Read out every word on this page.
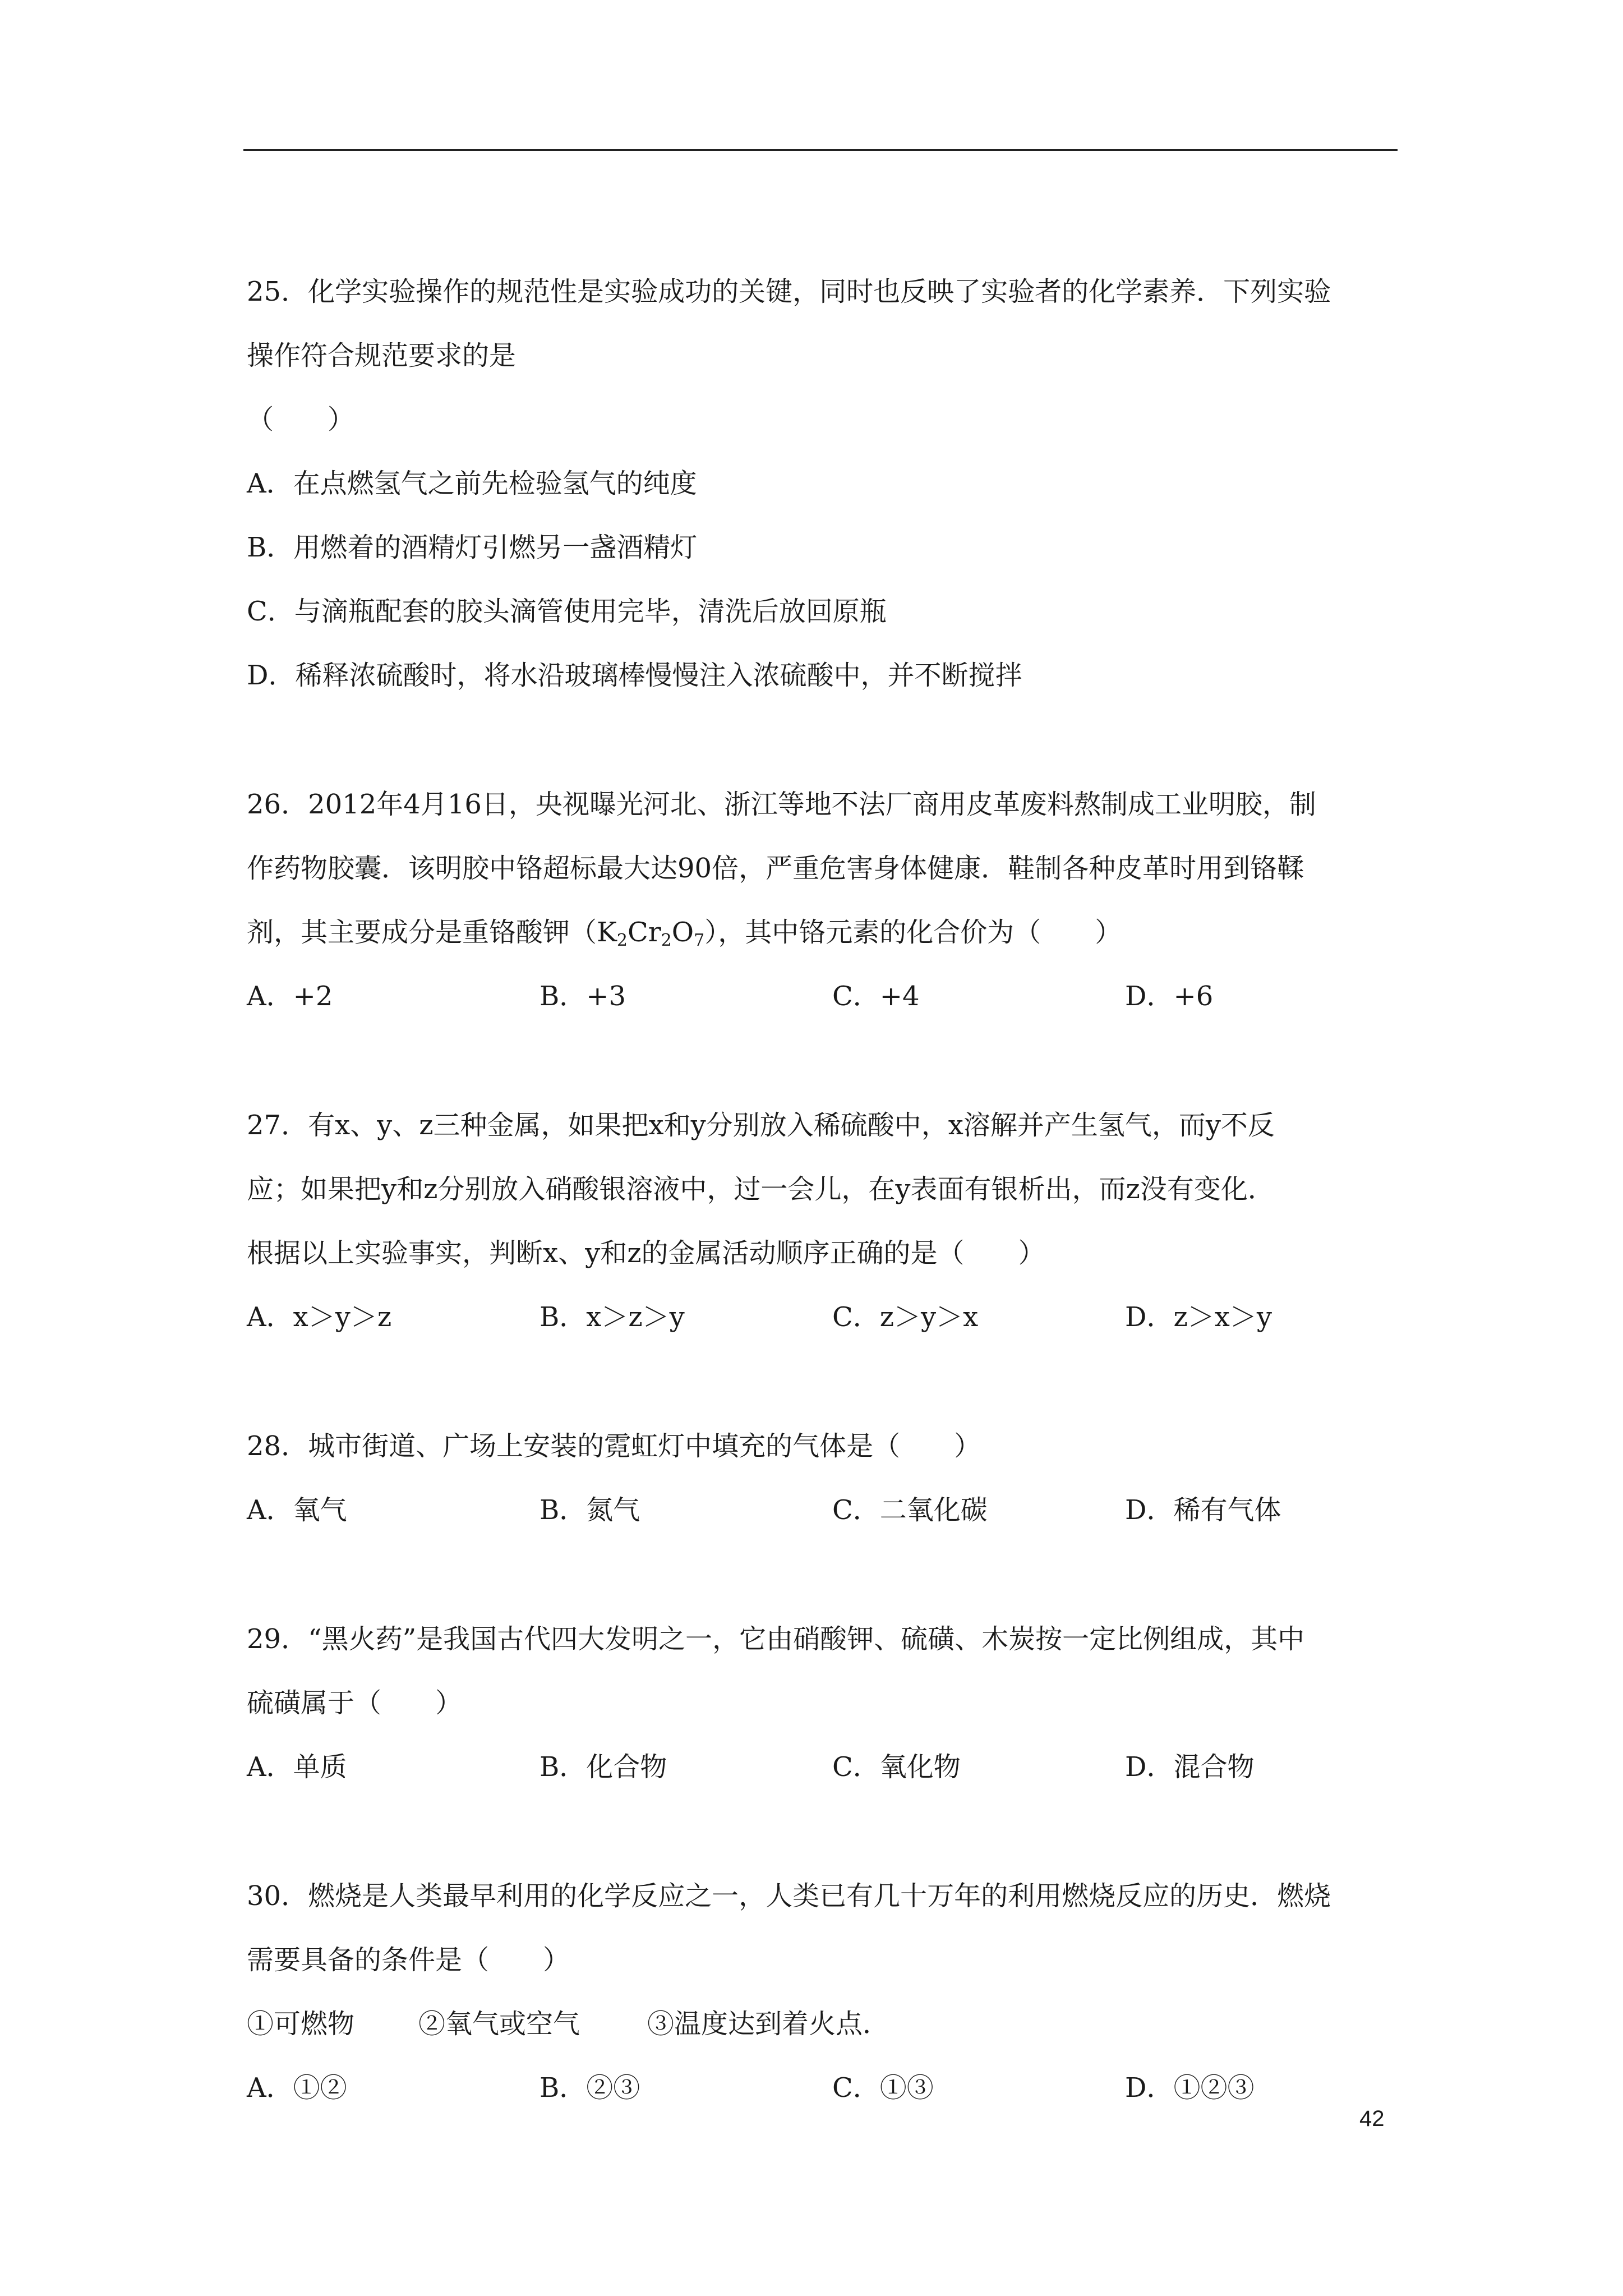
25．化学实验操作的规范性是实验成功的关键，同时也反映了实验者的化学素养．下列实验
操作符合规范要求的是
（　　）
A．在点燃氢气之前先检验氢气的纯度
B．用燃着的酒精灯引燃另一盏酒精灯
C．与滴瓶配套的胶头滴管使用完毕，清洗后放回原瓶
D．稀释浓硫酸时，将水沿玻璃棒慢慢注入浓硫酸中，并不断搅拌
26．2012年4月16日，央视曝光河北、浙江等地不法厂商用皮革废料熬制成工业明胶，制
作药物胶囊．该明胶中铬超标最大达90倍，严重危害身体健康．鞋制各种皮革时用到铬鞣
剂，其主要成分是重铬酸钾$(K_2Cr_2O_7)$，其中铬元素的化合价为（　　）
A．+2	B．+3	C．+4	D．+6
27．有x、y、z三种金属，如果把x和y分别放入稀硫酸中，x溶解并产生氢气，而y不反
应；如果把y和z分别放入硝酸银溶液中，过一会儿，在y表面有银析出，而z没有变化．
根据以上实验事实，判断x、y和z的金属活动顺序正确的是（　　）
A．x＞y＞z	B．x＞z＞y	C．z＞y＞x	D．z＞x＞y
28．城市街道、广场上安装的霓虹灯中填充的气体是（　　）
A．氧气	B．氮气	C．二氧化碳	D．稀有气体
29．“黑火药”是我国古代四大发明之一，它由硝酸钾、硫磺、木炭按一定比例组成，其中
硫磺属于（　　）
A．单质	B．化合物	C．氧化物	D．混合物
30．燃烧是人类最早利用的化学反应之一，人类已有几十万年的利用燃烧反应的历史．燃烧
需要具备的条件是（　　）
①可燃物 ②氧气或空气 ③温度达到着火点．
A．①②	B．②③	C．①③	D．①②③
42
